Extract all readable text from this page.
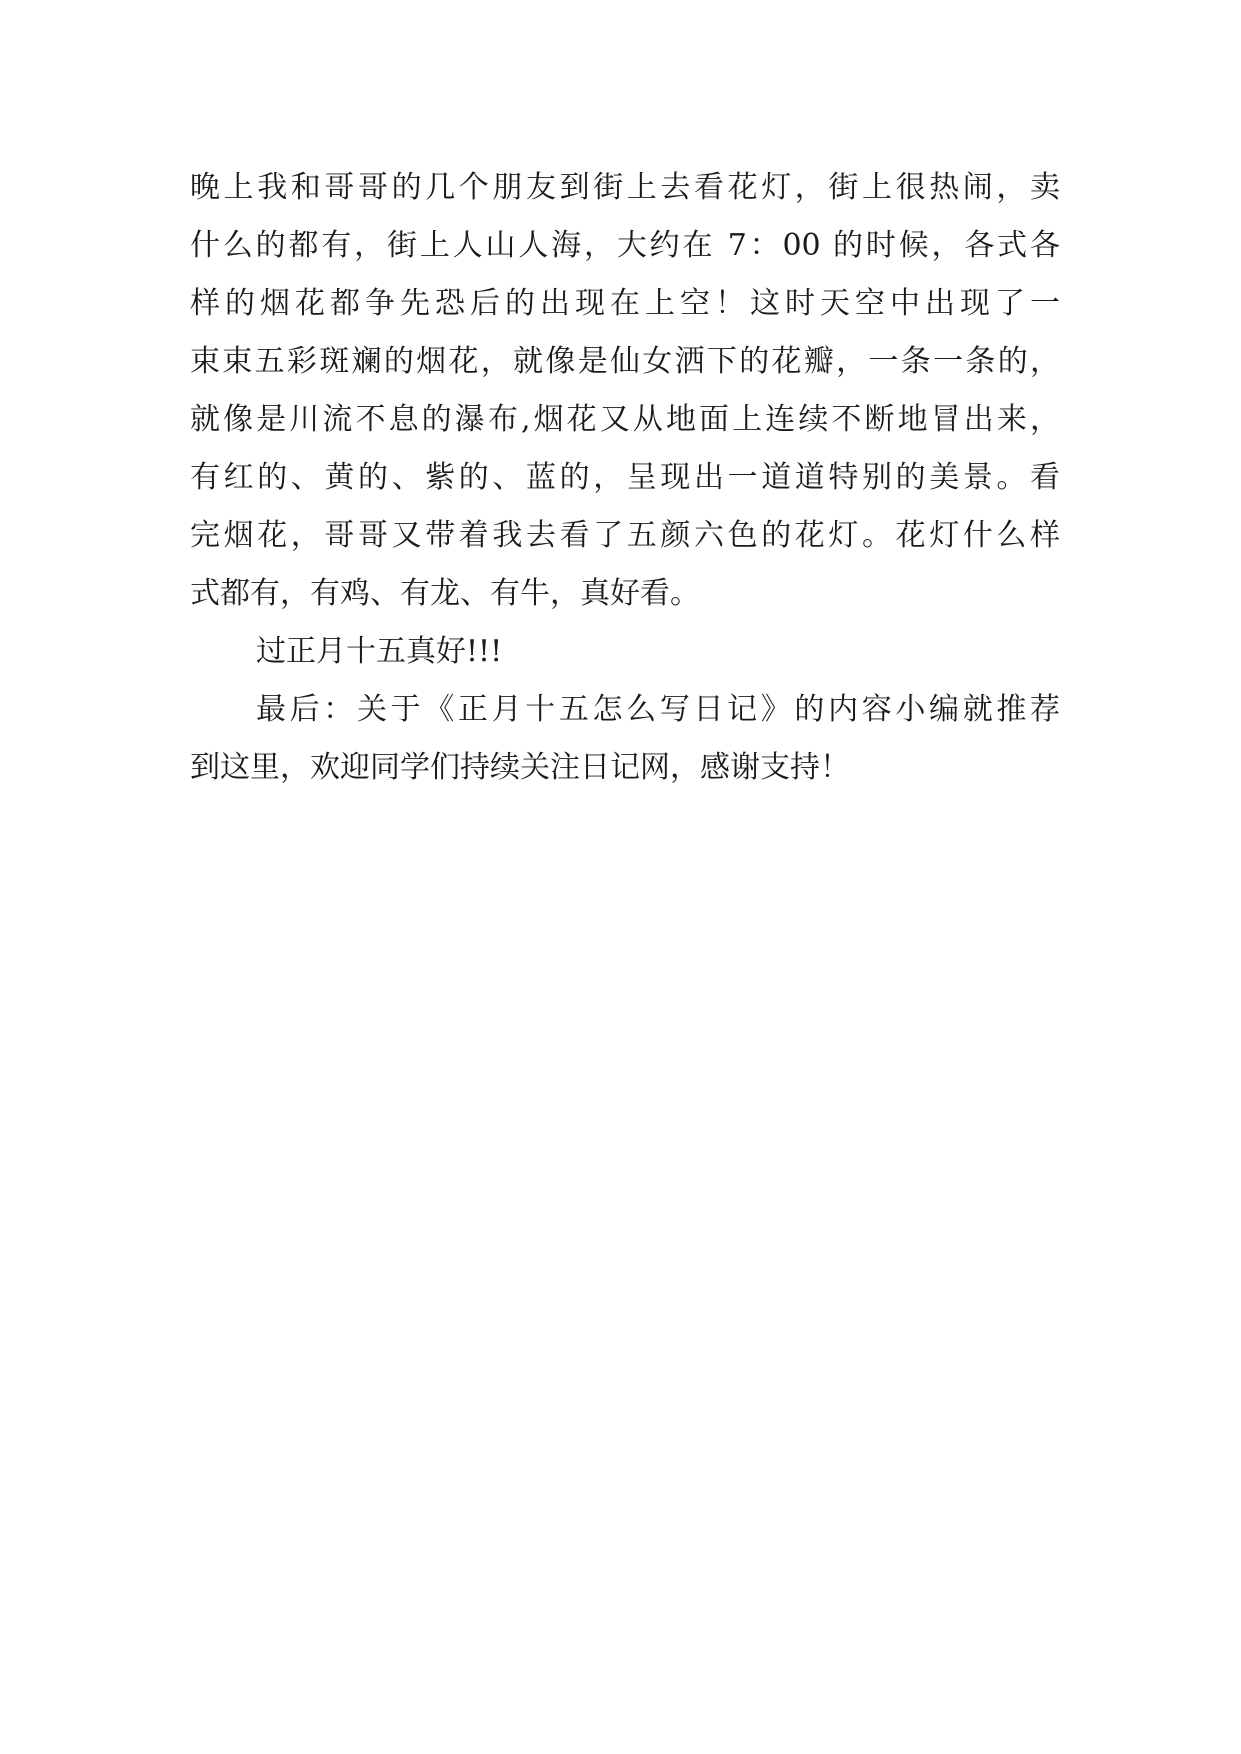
晚上我和哥哥的几个朋友到街上去看花灯，街上很热闹，卖
什么的都有，街上人山人海，大约在 7：00 的时候，各式各
样的烟花都争先恐后的出现在上空！这时天空中出现了一
束束五彩斑斓的烟花，就像是仙女洒下的花瓣，一条一条的，
就像是川流不息的瀑布,烟花又从地面上连续不断地冒出来，
有红的、黄的、紫的、蓝的，呈现出一道道特别的美景。看
完烟花，哥哥又带着我去看了五颜六色的花灯。花灯什么样
式都有，有鸡、有龙、有牛，真好看。
过正月十五真好!!!
最后：关于《正月十五怎么写日记》的内容小编就推荐
到这里，欢迎同学们持续关注日记网，感谢支持！
